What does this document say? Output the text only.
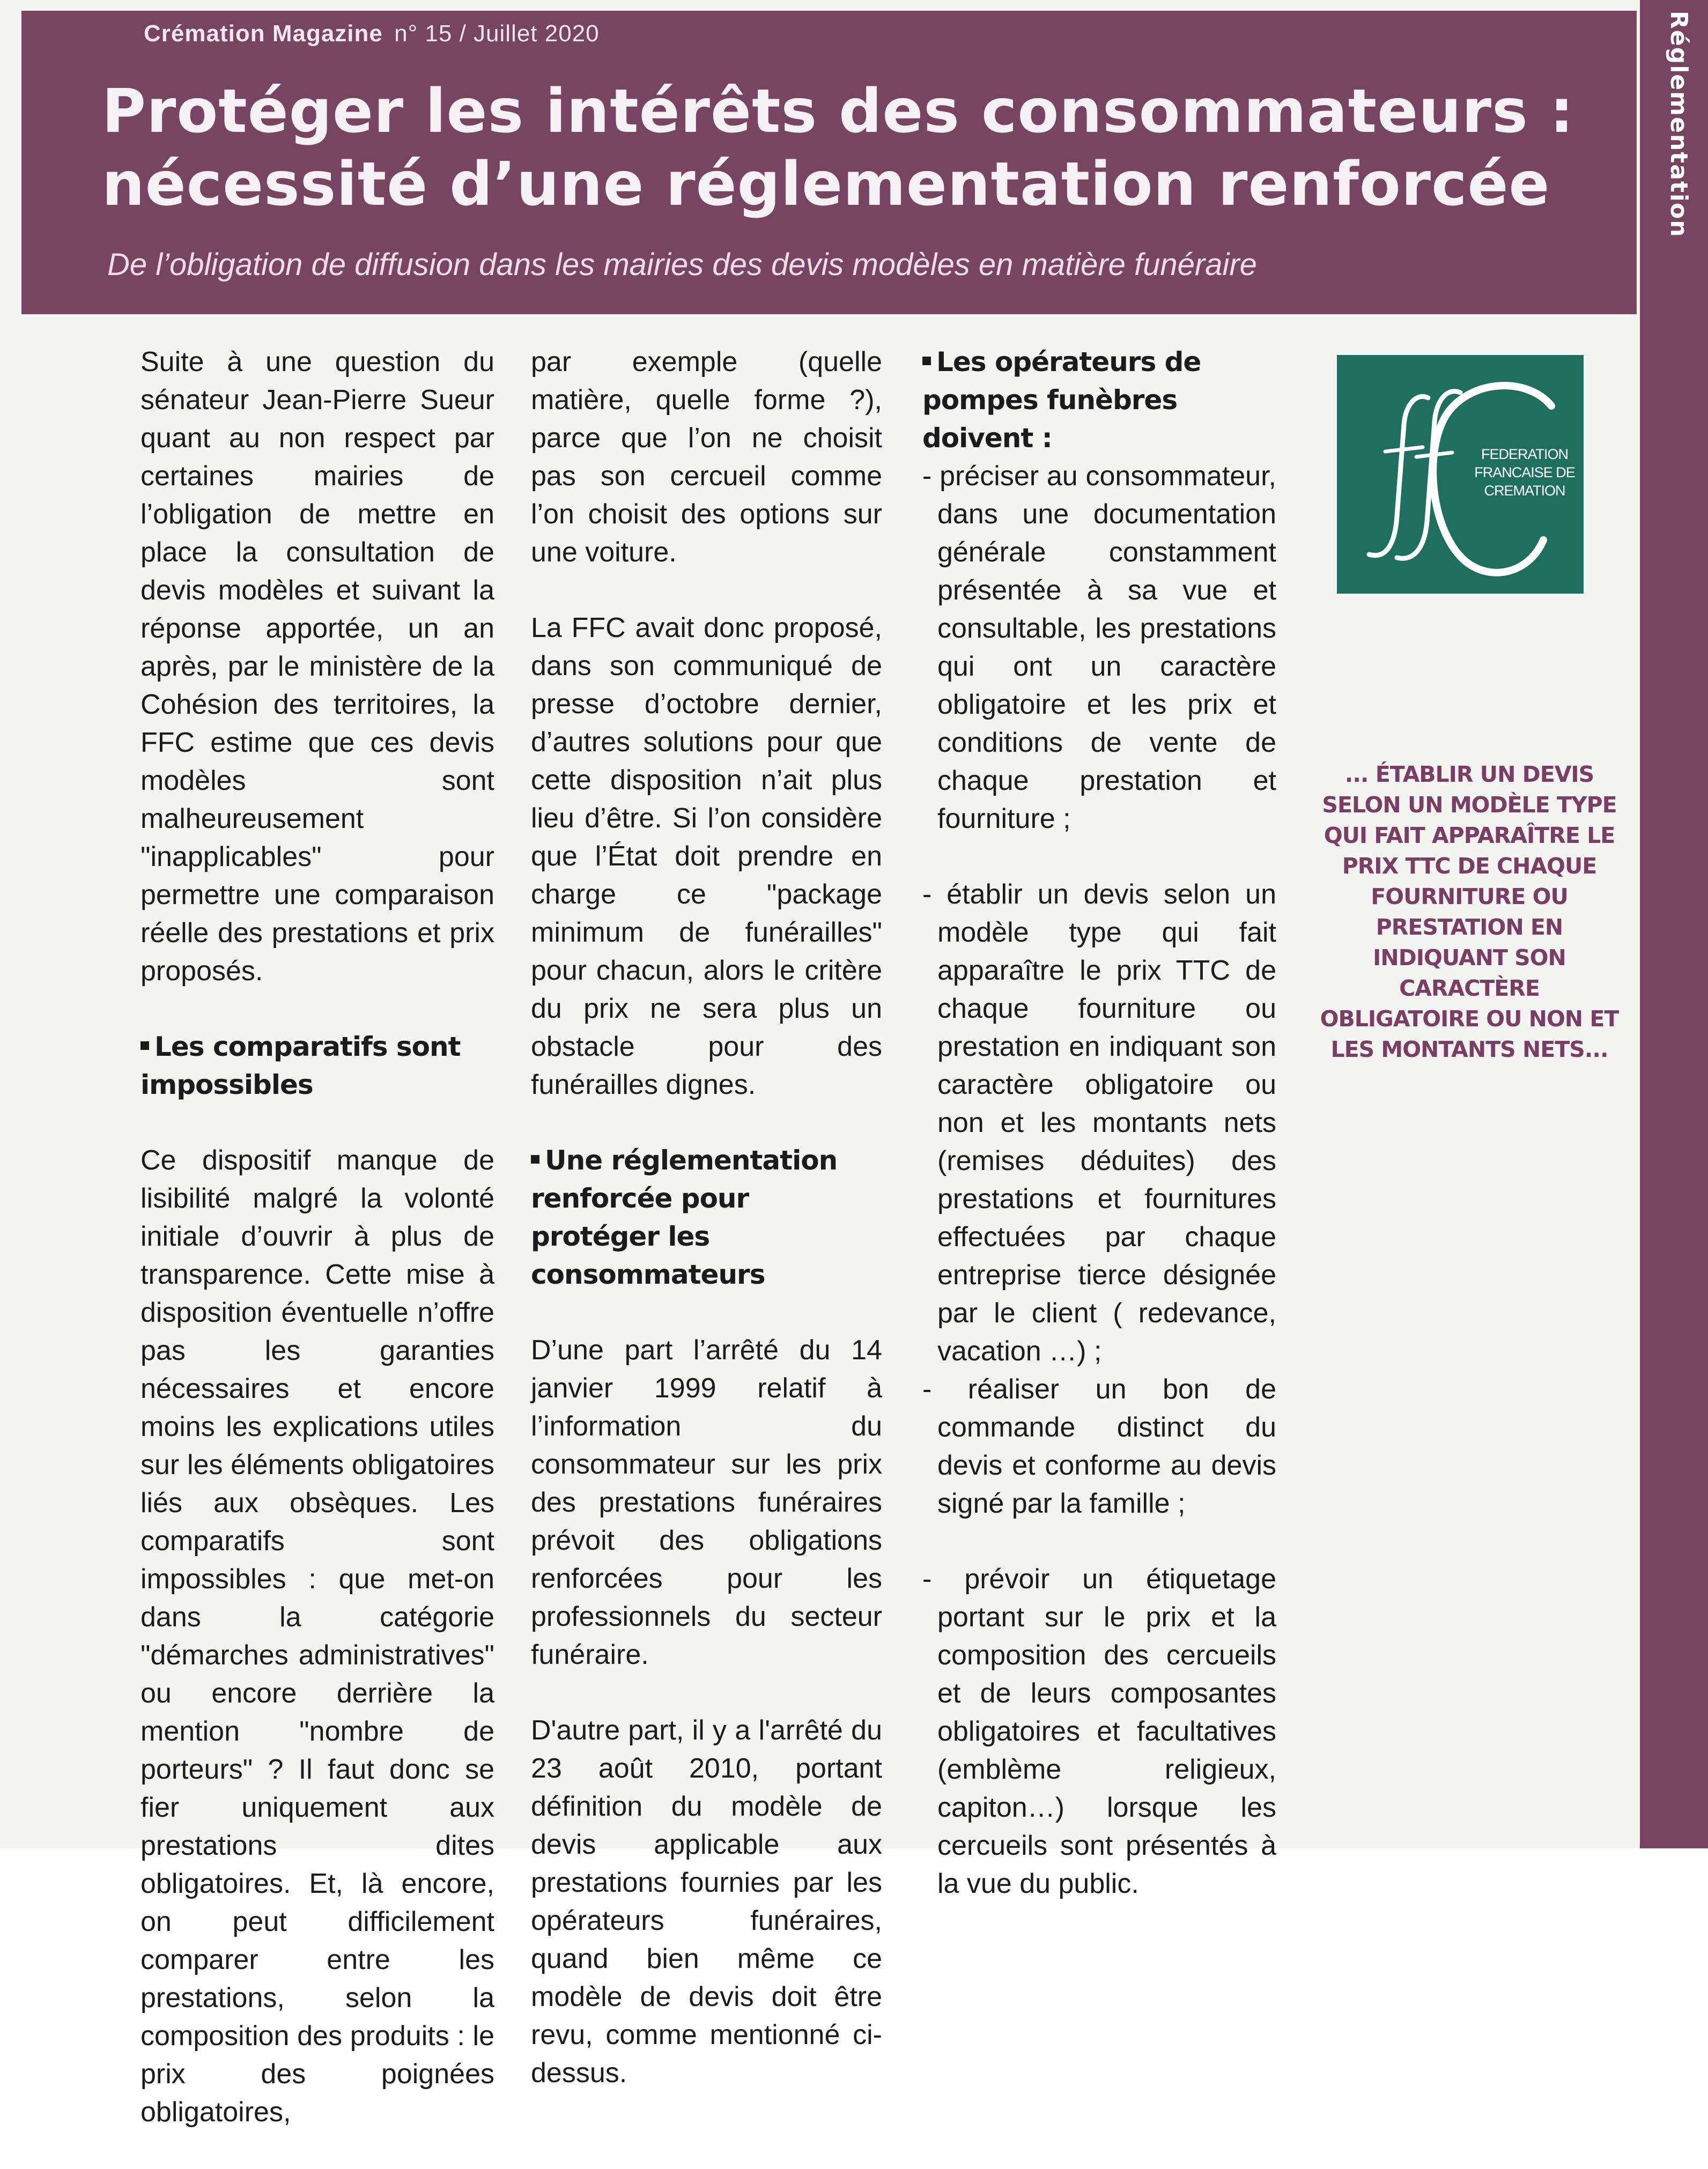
Crémation Magazine n° 15 / Juillet 2020
Protéger les intérêts des consommateurs :
nécessité d’une réglementation renforcée

De l’obligation de diffusion dans les mairies des devis modèles en matière funéraire

Réglementation

Suite à une question du sénateur Jean-Pierre Sueur quant au non respect par certaines mairies de l’obligation de mettre en place la consultation de devis modèles et suivant la réponse apportée, un an après, par le ministère de la Cohésion des territoires, la FFC estime que ces devis modèles sont malheureusement "inapplicables" pour permettre une comparaison réelle des prestations et prix proposés.

Les comparatifs sont impossibles

Ce dispositif manque de lisibilité malgré la volonté initiale d’ouvrir à plus de transparence. Cette mise à disposition éventuelle n’offre pas les garanties nécessaires et encore moins les explications utiles sur les éléments obligatoires liés aux obsèques. Les comparatifs sont impossibles : que met-on dans la catégorie "démarches administratives" ou encore derrière la mention "nombre de porteurs" ? Il faut donc se fier uniquement aux prestations dites obligatoires. Et, là encore, on peut difficilement comparer entre les prestations, selon la composition des produits : le prix des poignées obligatoires,

par exemple (quelle matière, quelle forme ?), parce que l’on ne choisit pas son cercueil comme l’on choisit des options sur une voiture.

La FFC avait donc proposé, dans son communiqué de presse d’octobre dernier, d’autres solutions pour que cette disposition n’ait plus lieu d’être. Si l’on considère que l’État doit prendre en charge ce "package minimum de funérailles" pour chacun, alors le critère du prix ne sera plus un obstacle pour des funérailles dignes.

Une réglementation renforcée pour protéger les consommateurs

D’une part l’arrêté du 14 janvier 1999 relatif à l’information du consommateur sur les prix des prestations funéraires prévoit des obligations renforcées pour les professionnels du secteur funéraire.

D'autre part, il y a l'arrêté du 23 août 2010, portant définition du modèle de devis applicable aux prestations fournies par les opérateurs funéraires, quand bien même ce modèle de devis doit être revu, comme mentionné ci-dessus.

Les opérateurs de pompes funèbres doivent :

- préciser au consommateur, dans une documentation générale constamment présentée à sa vue et consultable, les prestations qui ont un caractère obligatoire et les prix et conditions de vente de chaque prestation et fourniture ;

- établir un devis selon un modèle type qui fait apparaître le prix TTC de chaque fourniture ou prestation en indiquant son caractère obligatoire ou non et les montants nets (remises déduites) des prestations et fournitures effectuées par chaque entreprise tierce désignée par le client ( redevance, vacation …) ;

- réaliser un bon de commande distinct du devis et conforme au devis signé par la famille ;

- prévoir un étiquetage portant sur le prix et la composition des cercueils et de leurs composantes obligatoires et facultatives (emblème religieux, capiton…) lorsque les cercueils sont présentés à la vue du public.

FEDERATION
FRANCAISE DE
CREMATION
... ÉTABLIR UN DEVIS SELON UN MODÈLE TYPE QUI FAIT APPARAÎTRE LE PRIX TTC DE CHAQUE FOURNITURE OU PRESTATION EN INDIQUANT SON CARACTÈRE OBLIGATOIRE OU NON ET LES MONTANTS NETS...
